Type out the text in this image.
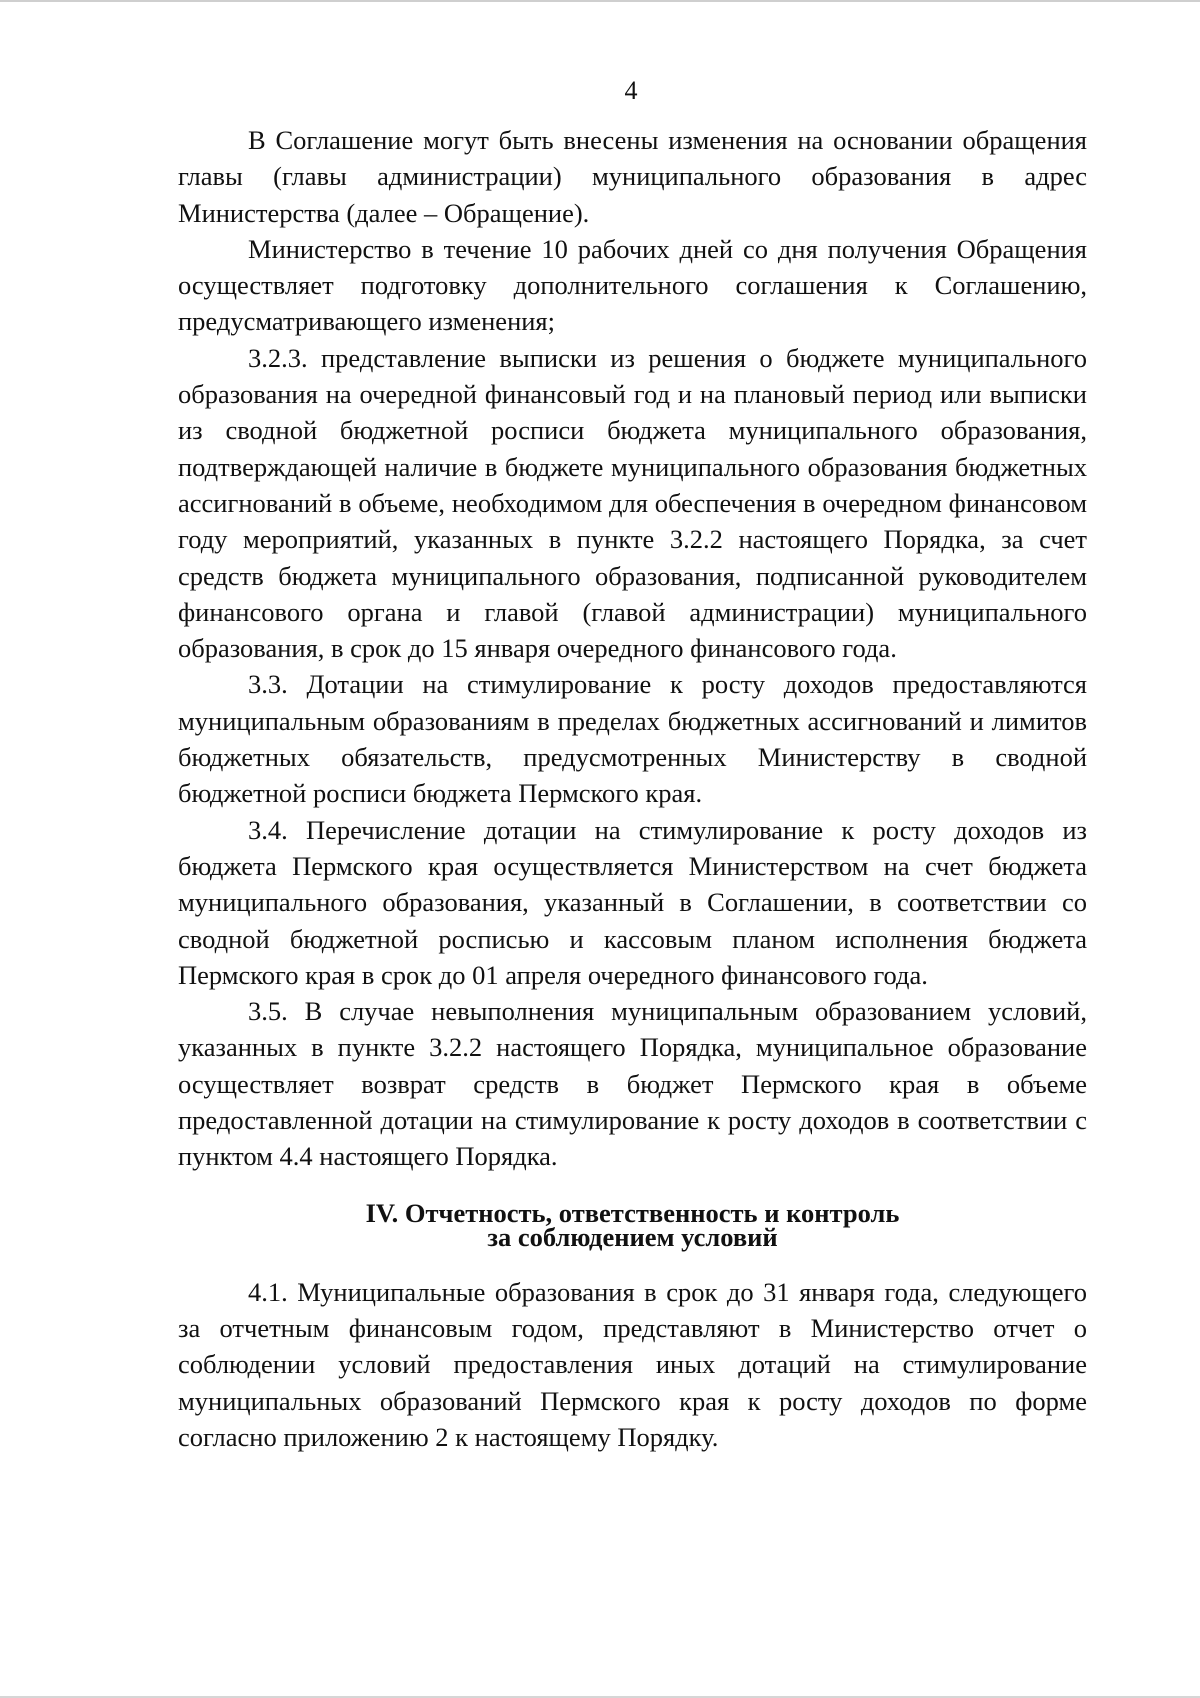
4

В Соглашение могут быть внесены изменения на основании обращения главы (главы администрации) муниципального образования в адрес Министерства (далее – Обращение).

Министерство в течение 10 рабочих дней со дня получения Обращения осуществляет подготовку дополнительного соглашения к Соглашению, предусматривающего изменения;

3.2.3. представление выписки из решения о бюджете муниципального образования на очередной финансовый год и на плановый период или выписки из сводной бюджетной росписи бюджета муниципального образования, подтверждающей наличие в бюджете муниципального образования бюджетных ассигнований в объеме, необходимом для обеспечения в очередном финансовом году мероприятий, указанных в пункте 3.2.2 настоящего Порядка, за счет средств бюджета муниципального образования, подписанной руководителем финансового органа и главой (главой администрации) муниципального образования, в срок до 15 января очередного финансового года.

3.3. Дотации на стимулирование к росту доходов предоставляются муниципальным образованиям в пределах бюджетных ассигнований и лимитов бюджетных обязательств, предусмотренных Министерству в сводной бюджетной росписи бюджета Пермского края.

3.4. Перечисление дотации на стимулирование к росту доходов из бюджета Пермского края осуществляется Министерством на счет бюджета муниципального образования, указанный в Соглашении, в соответствии со сводной бюджетной росписью и кассовым планом исполнения бюджета Пермского края в срок до 01 апреля очередного финансового года.

3.5. В случае невыполнения муниципальным образованием условий, указанных в пункте 3.2.2 настоящего Порядка, муниципальное образование осуществляет возврат средств в бюджет Пермского края в объеме предоставленной дотации на стимулирование к росту доходов в соответствии с пунктом 4.4 настоящего Порядка.

IV. Отчетность, ответственность и контроль
за соблюдением условий

4.1. Муниципальные образования в срок до 31 января года, следующего за отчетным финансовым годом, представляют в Министерство отчет о соблюдении условий предоставления иных дотаций на стимулирование муниципальных образований Пермского края к росту доходов по форме согласно приложению 2 к настоящему Порядку.
